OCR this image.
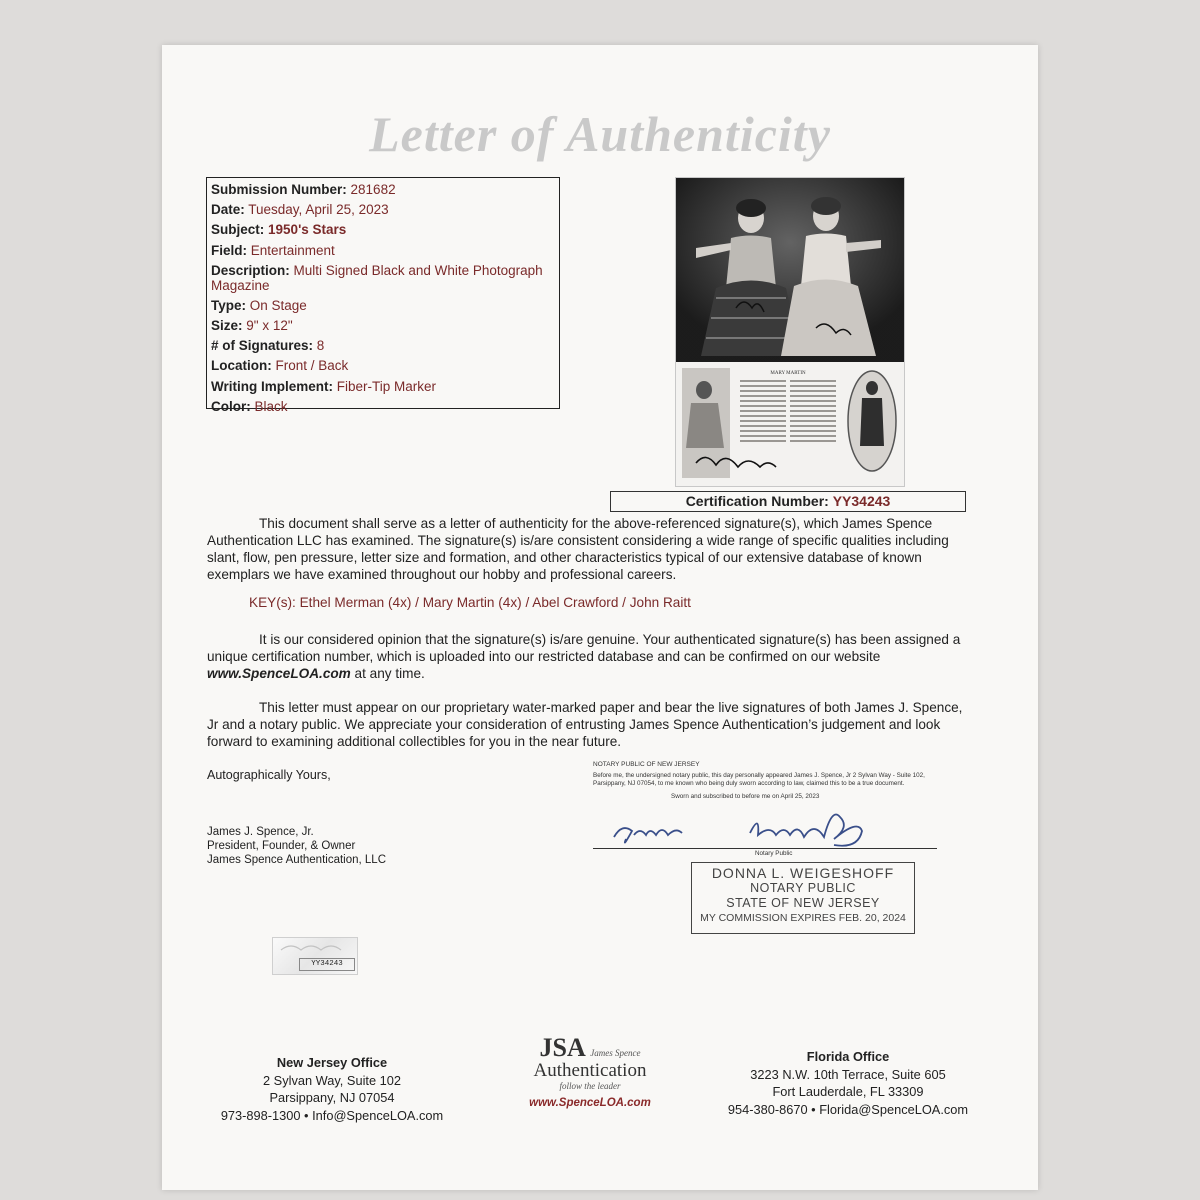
Letter of Authenticity
Submission Number: 281682
Date: Tuesday, April 25, 2023
Subject: 1950's Stars
Field: Entertainment
Description: Multi Signed Black and White Photograph Magazine
Type: On Stage
Size: 9" x 12"
# of Signatures: 8
Location: Front / Back
Writing Implement: Fiber-Tip Marker
Color: Black
MARY MARTIN
Certification Number: YY34243

This document shall serve as a letter of authenticity for the above-referenced signature(s), which James Spence Authentication LLC has examined. The signature(s) is/are consistent considering a wide range of specific qualities including slant, flow, pen pressure, letter size and formation, and other characteristics typical of our extensive database of known exemplars we have examined throughout our hobby and professional careers.

KEY(s): Ethel Merman (4x) / Mary Martin (4x) / Abel Crawford / John Raitt

It is our considered opinion that the signature(s) is/are genuine. Your authenticated signature(s) has been assigned a unique certification number, which is uploaded into our restricted database and can be confirmed on our website www.SpenceLOA.com at any time.

This letter must appear on our proprietary water-marked paper and bear the live signatures of both James J. Spence, Jr and a notary public. We appreciate your consideration of entrusting James Spence Authentication’s judgement and look forward to examining additional collectibles for you in the near future.

Autographically Yours,
James J. Spence, Jr.
President, Founder, & Owner
James Spence Authentication, LLC
NOTARY PUBLIC OF NEW JERSEY
Before me, the undersigned notary public, this day personally appeared James J. Spence, Jr 2 Sylvan Way - Suite 102, Parsippany, NJ 07054, to me known who being duly sworn according to law, claimed this to be a true document.
Sworn and subscribed to before me on April 25, 2023
Notary Public
DONNA L. WEIGESHOFF
NOTARY PUBLIC
STATE OF NEW JERSEY
MY COMMISSION EXPIRES FEB. 20, 2024
YY34243
New Jersey Office
2 Sylvan Way, Suite 102
Parsippany, NJ 07054
973-898-1300 • Info@SpenceLOA.com
JSA James Spence
Authentication
follow the leader
www.SpenceLOA.com
Florida Office
3223 N.W. 10th Terrace, Suite 605
Fort Lauderdale, FL 33309
954-380-8670 • Florida@SpenceLOA.com
